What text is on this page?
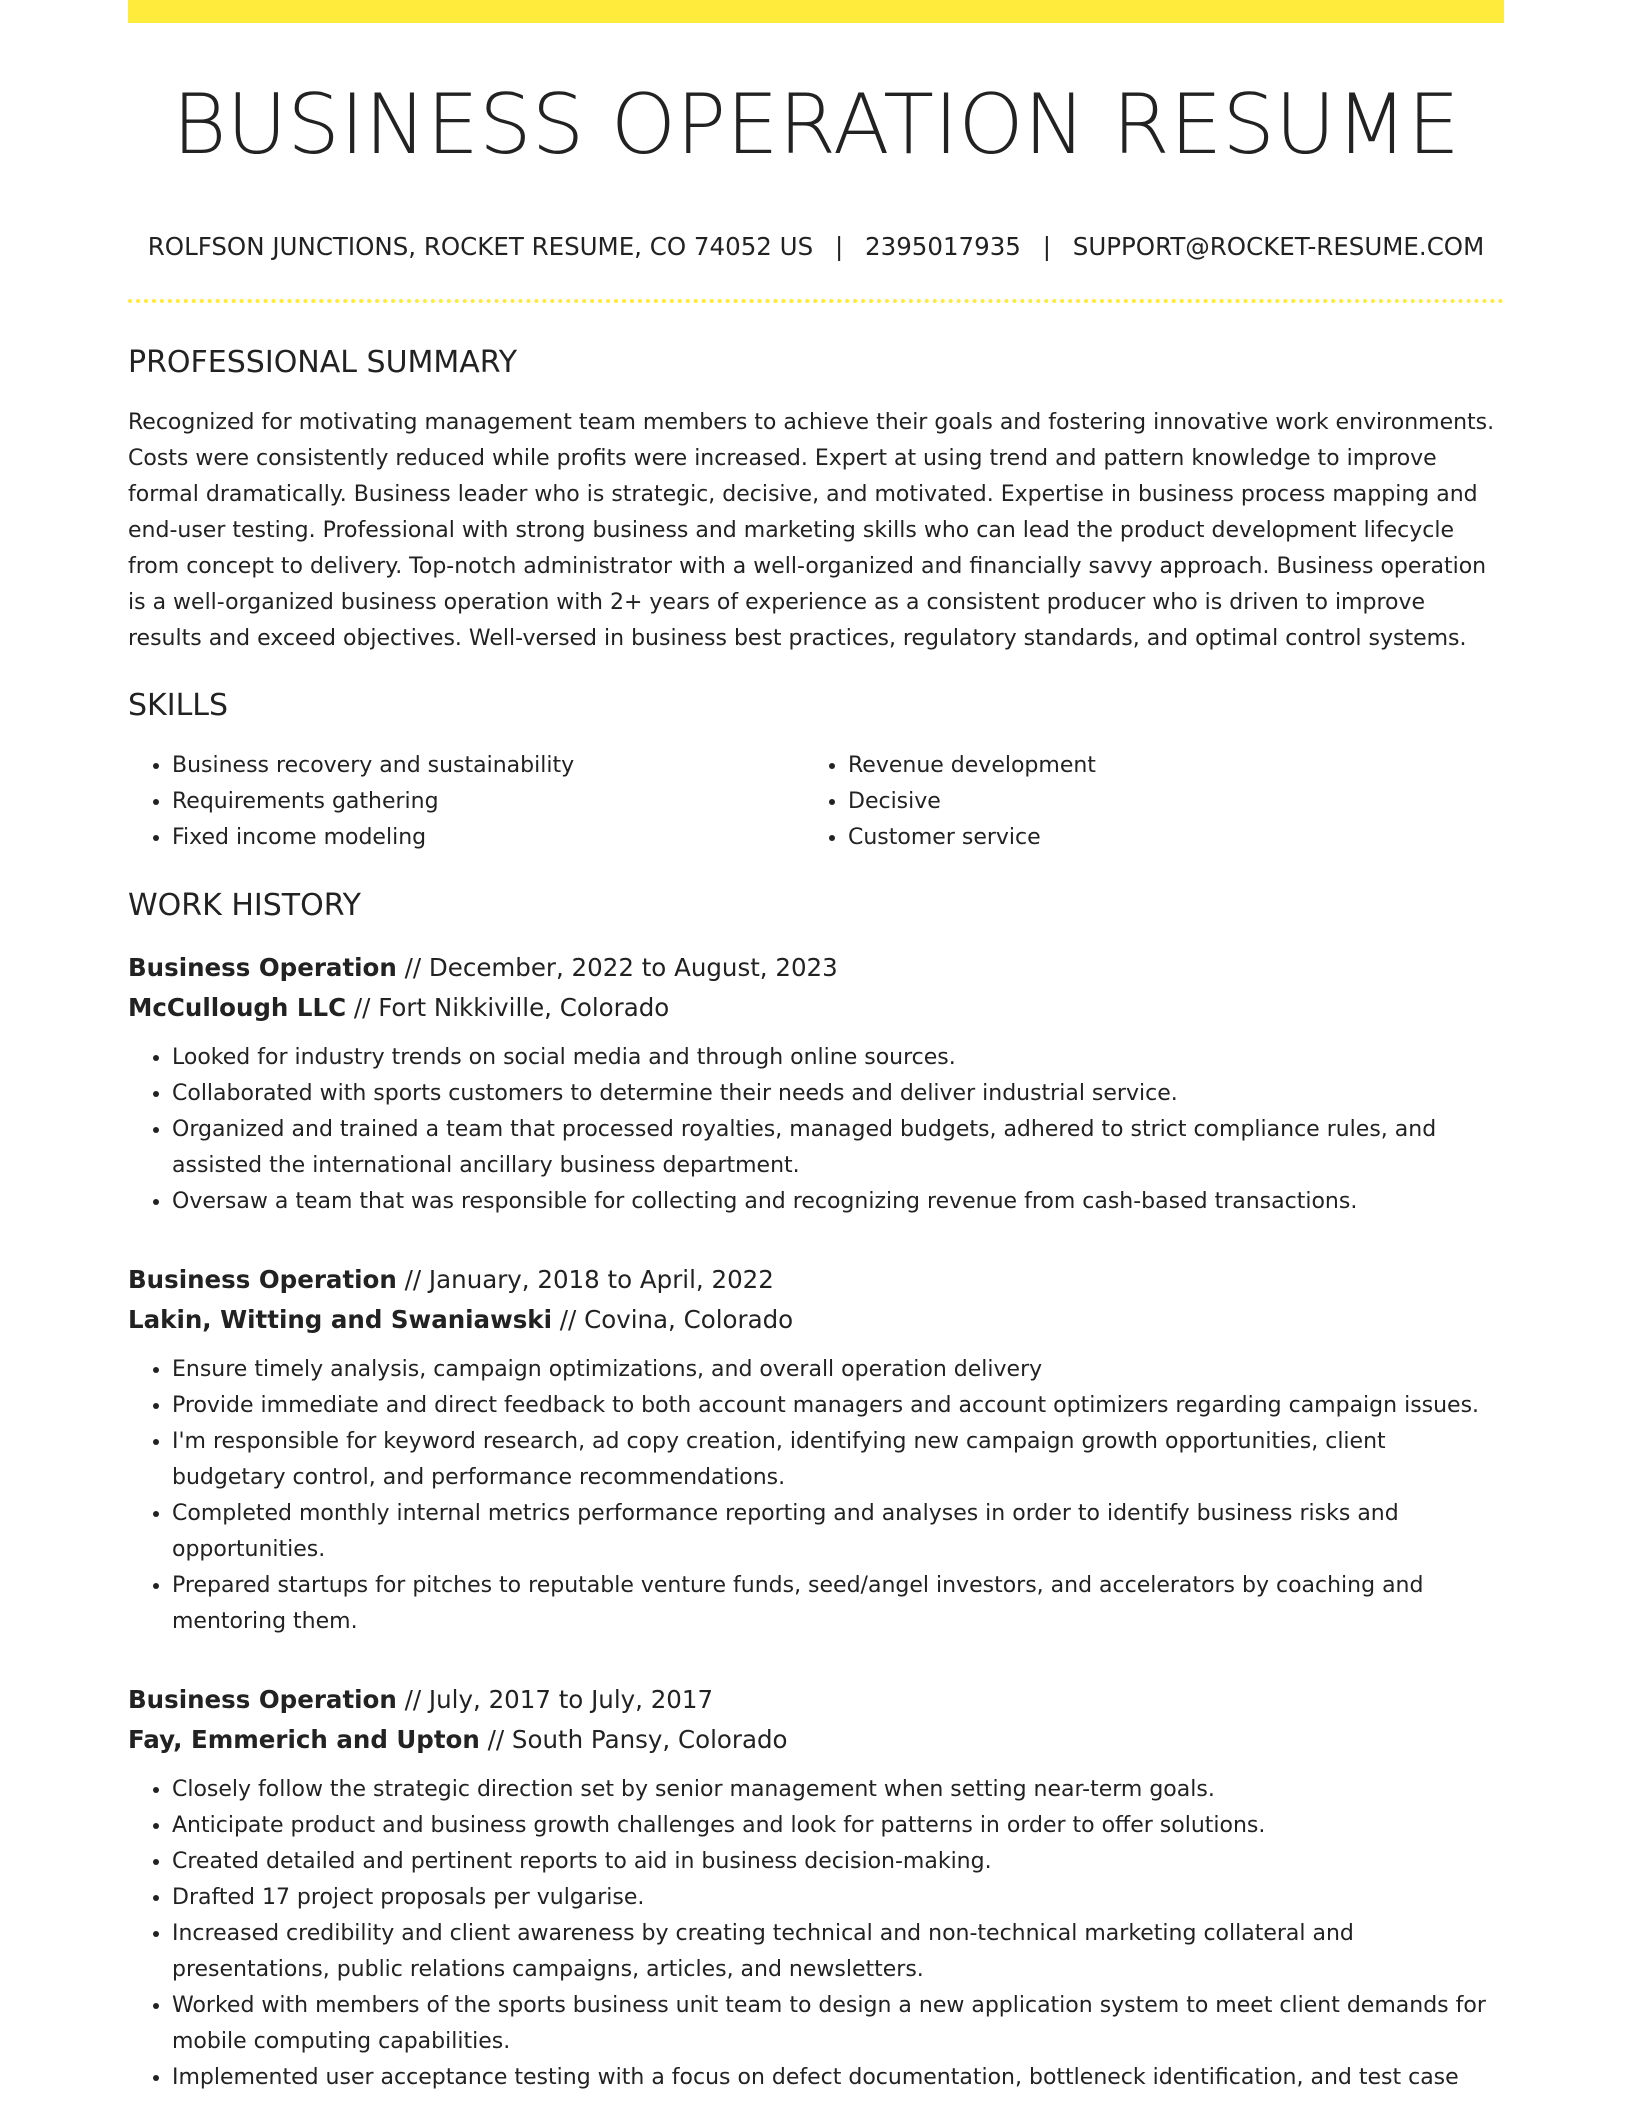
BUSINESS OPERATION RESUME
ROLFSON JUNCTIONS, ROCKET RESUME, CO 74052 US | 2395017935 | SUPPORT@ROCKET-RESUME.COM
PROFESSIONAL SUMMARY

Recognized for motivating management team members to achieve their goals and fostering innovative work environments. Costs were consistently reduced while profits were increased. Expert at using trend and pattern knowledge to improve formal dramatically. Business leader who is strategic, decisive, and motivated. Expertise in business process mapping and end-user testing. Professional with strong business and marketing skills who can lead the product development lifecycle from concept to delivery. Top-notch administrator with a well-organized and financially savvy approach. Business operation is a well-organized business operation with 2+ years of experience as a consistent producer who is driven to improve results and exceed objectives. Well-versed in business best practices, regulatory standards, and optimal control systems.

SKILLS
• Business recovery and sustainability
• Requirements gathering
• Fixed income modeling
• Revenue development
• Decisive
• Customer service
WORK HISTORY
Business Operation // December, 2022 to August, 2023
McCullough LLC // Fort Nikkiville, Colorado
• Looked for industry trends on social media and through online sources.
• Collaborated with sports customers to determine their needs and deliver industrial service.
• Organized and trained a team that processed royalties, managed budgets, adhered to strict compliance rules, and assisted the international ancillary business department.
• Oversaw a team that was responsible for collecting and recognizing revenue from cash-based transactions.
Business Operation // January, 2018 to April, 2022
Lakin, Witting and Swaniawski // Covina, Colorado
• Ensure timely analysis, campaign optimizations, and overall operation delivery
• Provide immediate and direct feedback to both account managers and account optimizers regarding campaign issues.
• I'm responsible for keyword research, ad copy creation, identifying new campaign growth opportunities, client budgetary control, and performance recommendations.
• Completed monthly internal metrics performance reporting and analyses in order to identify business risks and opportunities.
• Prepared startups for pitches to reputable venture funds, seed/angel investors, and accelerators by coaching and mentoring them.
Business Operation // July, 2017 to July, 2017
Fay, Emmerich and Upton // South Pansy, Colorado
• Closely follow the strategic direction set by senior management when setting near-term goals.
• Anticipate product and business growth challenges and look for patterns in order to offer solutions.
• Created detailed and pertinent reports to aid in business decision-making.
• Drafted 17 project proposals per vulgarise.
• Increased credibility and client awareness by creating technical and non-technical marketing collateral and presentations, public relations campaigns, articles, and newsletters.
• Worked with members of the sports business unit team to design a new application system to meet client demands for mobile computing capabilities.
• Implemented user acceptance testing with a focus on defect documentation, bottleneck identification, and test case
